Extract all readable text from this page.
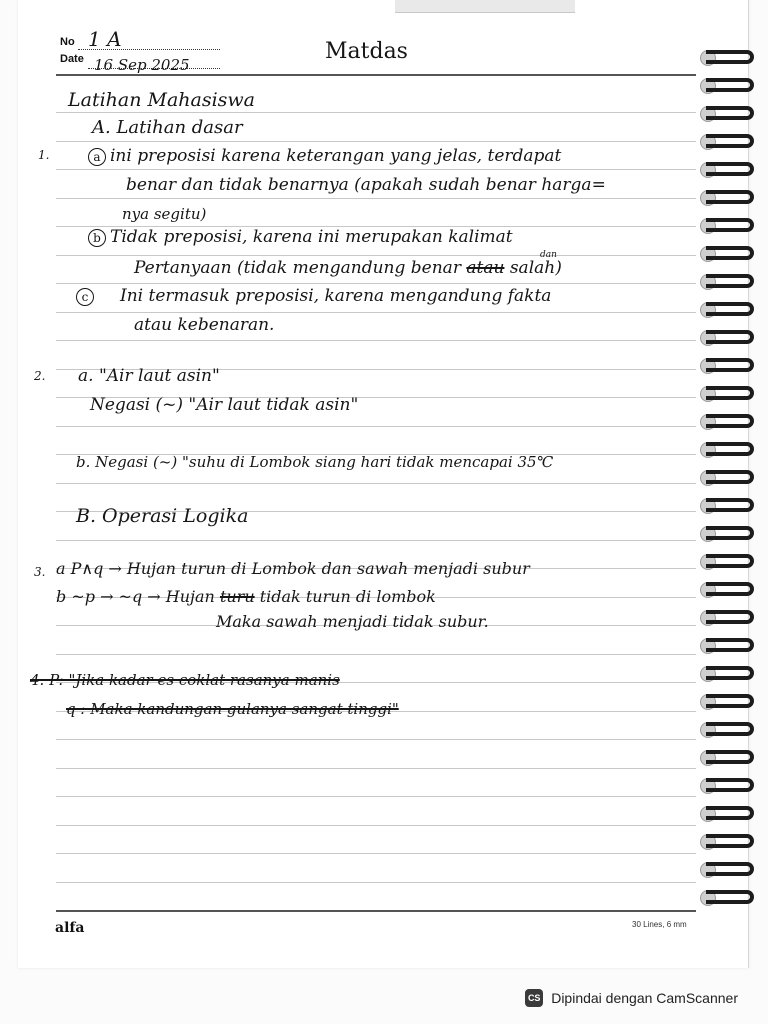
No 1 A
Date 16 Sep 2025
Matdas
Latihan Mahasiswa
A. Latihan dasar
1.	a ini preposisi karena keterangan yang jelas, terdapat
benar dan tidak benarnya (apakah sudah benar harga=
nya segitu)
b Tidak preposisi, karena ini merupakan kalimat
dan
Pertanyaan (tidak mengandung benar atau salah)
c Ini termasuk preposisi, karena mengandung fakta
atau kebenaran.
2. a. "Air laut asin"
Negasi (~) "Air laut tidak asin"
b. Negasi (~) "suhu di Lombok siang hari tidak mencapai 35℃
B. Operasi Logika
3. a P∧q → Hujan turun di Lombok dan sawah menjadi subur
b ~p → ~q → Hujan turu tidak turun di lombok
Maka sawah menjadi tidak subur.
4. P: "Jika kadar es coklat rasanya manis
q : Maka kandungan gulanya sangat tinggi"
alfa	30 Lines, 6 mm
CS Dipindai dengan CamScanner
